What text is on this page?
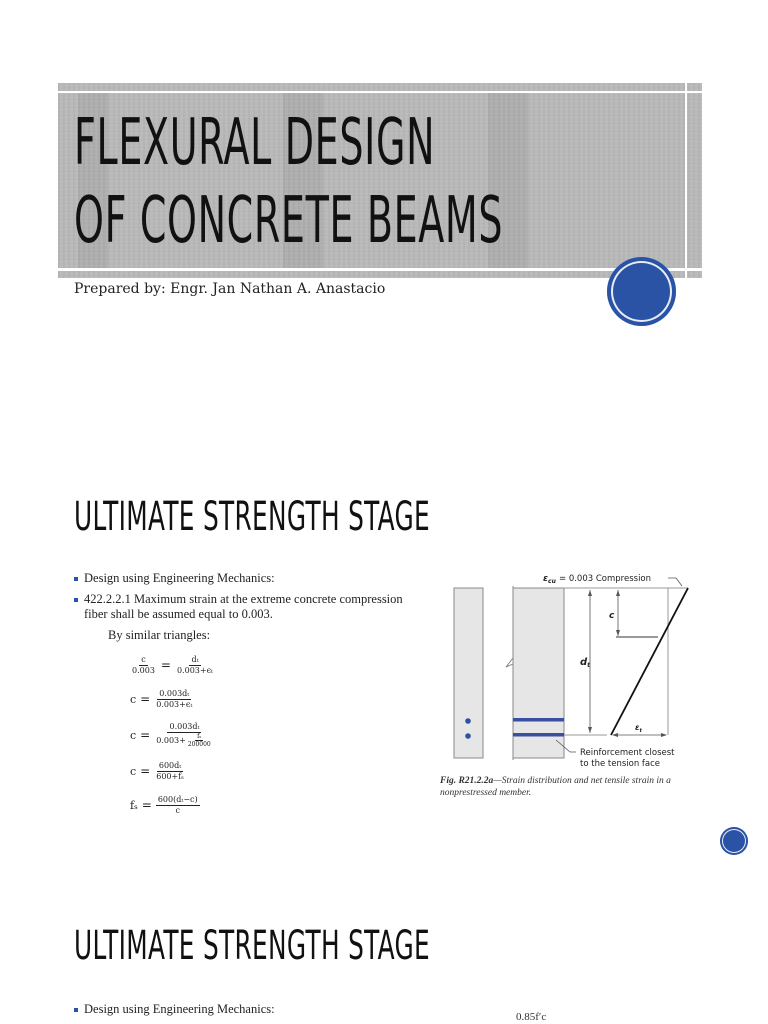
FLEXURAL DESIGN
OF CONCRETE BEAMS
Prepared by: Engr. Jan Nathan A. Anastacio
ULTIMATE STRENGTH STAGE
Design using Engineering Mechanics:
422.2.2.1 Maximum strain at the extreme concrete compression fiber shall be assumed equal to 0.003.
By similar triangles:
$\frac{c}{0.003} = \frac{\text{dₜ}}{\text{0.003+ϵₜ}}$
$c = \frac{\text{0.003dₜ}}{\text{0.003+ϵₜ}}$
$c = \frac{\text{0.003dₜ}}{0.003+ \frac{\text{fₛ}}{200000}}$
$c = \frac{\text{600dₜ}}{\text{600+fₛ}}$
$f_s = \frac{\text{600(dₜ−c)}}{c}$
$\varepsilon_{cu} = 0.003$ Compression
c
$d_t$
$\varepsilon_t$
Reinforcement closest
to the tension face
Fig. R21.2.2a—Strain distribution and net tensile strain in a nonprestressed member.
ULTIMATE STRENGTH STAGE
Design using Engineering Mechanics:
0.85f′c
